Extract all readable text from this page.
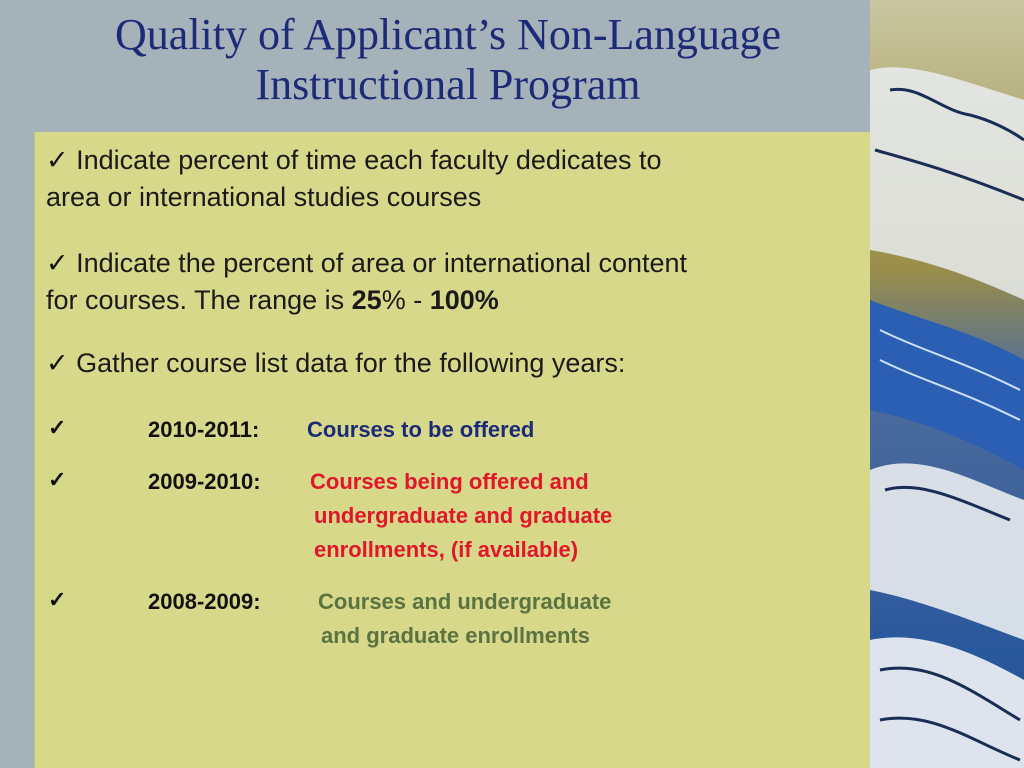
Quality of Applicant’s Non-Language
Instructional Program
✓ Indicate percent of time each faculty dedicates to
area or international studies courses
✓ Indicate the percent of area or international content
for courses. The range is 25% - 100%
✓ Gather course list data for the following years:
✓	2010-2011: Courses to be offered
✓	2009-2010: Courses being offered and
undergraduate and graduate
enrollments, (if available)
✓	2008-2009:	Courses and undergraduate
and graduate enrollments
